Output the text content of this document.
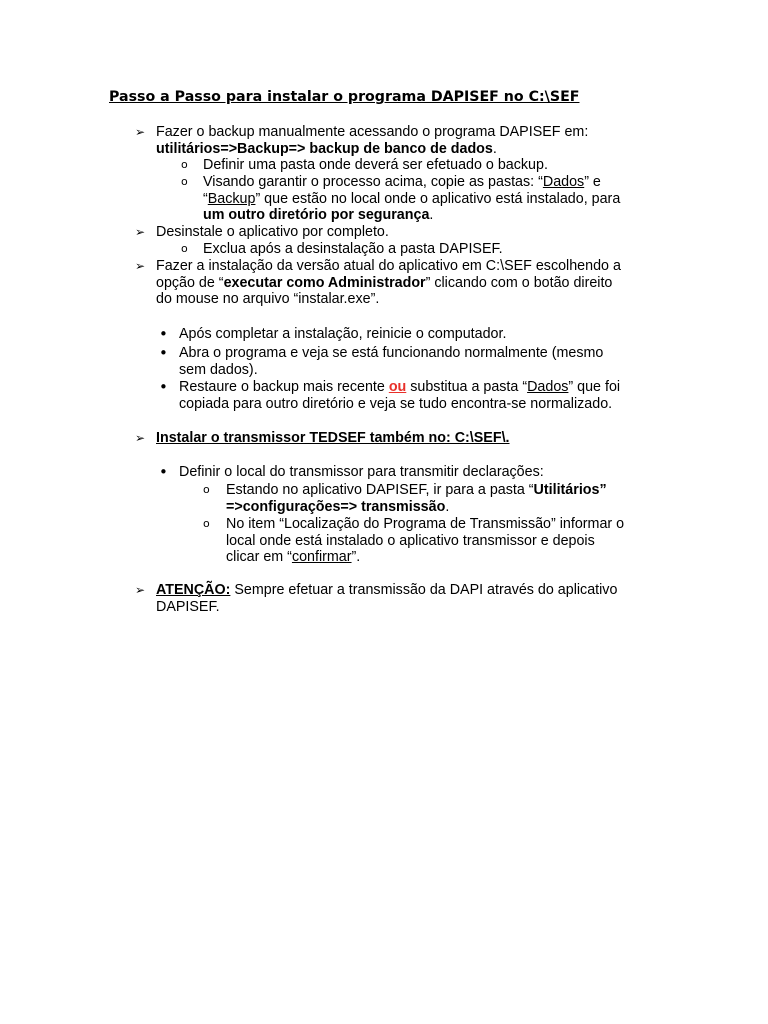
Passo a Passo para instalar o programa DAPISEF no C:\SEF
➢ Fazer o backup manualmente acessando o programa DAPISEF em:
utilitários=>Backup=> backup de banco de dados.
o Definir uma pasta onde deverá ser efetuado o backup.
o Visando garantir o processo acima, copie as pastas: “Dados” e
“Backup” que estão no local onde o aplicativo está instalado, para
um outro diretório por segurança.
➢ Desinstale o aplicativo por completo.
o Exclua após a desinstalação a pasta DAPISEF.
➢ Fazer a instalação da versão atual do aplicativo em C:\SEF escolhendo a
opção de “executar como Administrador” clicando com o botão direito
do mouse no arquivo “instalar.exe”.
• Após completar a instalação, reinicie o computador.
• Abra o programa e veja se está funcionando normalmente (mesmo
sem dados).
• Restaure o backup mais recente ou substitua a pasta “Dados” que foi
copiada para outro diretório e veja se tudo encontra-se normalizado.
➢ Instalar o transmissor TEDSEF também no: C:\SEF\.
• Definir o local do transmissor para transmitir declarações:
o Estando no aplicativo DAPISEF, ir para a pasta “Utilitários”
=>configurações=> transmissão.
o No item “Localização do Programa de Transmissão” informar o
local onde está instalado o aplicativo transmissor e depois
clicar em “confirmar”.
➢ ATENÇÃO: Sempre efetuar a transmissão da DAPI através do aplicativo
DAPISEF.
